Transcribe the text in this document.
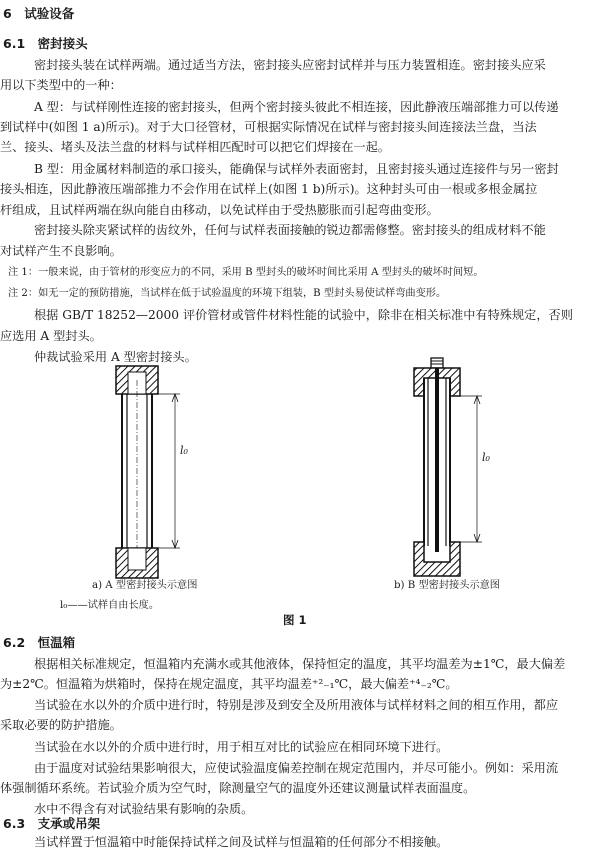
6　试验设备
6.1　密封接头
密封接头装在试样两端。通过适当方法，密封接头应密封试样并与压力装置相连。密封接头应采
用以下类型中的一种：
A 型：与试样刚性连接的密封接头，但两个密封接头彼此不相连接，因此静液压端部推力可以传递
到试样中(如图 1 a)所示)。对于大口径管材，可根据实际情况在试样与密封接头间连接法兰盘，当法
兰、接头、堵头及法兰盘的材料与试样相匹配时可以把它们焊接在一起。
B 型：用金属材料制造的承口接头，能确保与试样外表面密封，且密封接头通过连接件与另一密封
接头相连，因此静液压端部推力不会作用在试样上(如图 1 b)所示)。这种封头可由一根或多根金属拉
杆组成，且试样两端在纵向能自由移动，以免试样由于受热膨胀而引起弯曲变形。
密封接头除夹紧试样的齿纹外，任何与试样表面接触的锐边都需修整。密封接头的组成材料不能
对试样产生不良影响。
注 1：一般来说，由于管材的形变应力的不同，采用 B 型封头的破坏时间比采用 A 型封头的破坏时间短。
注 2：如无一定的预防措施，当试样在低于试验温度的环境下组装，B 型封头易使试样弯曲变形。
根据 GB/T 18252—2000 评价管材或管件材料性能的试验中，除非在相关标准中有特殊规定，否则
应选用 A 型封头。
仲裁试验采用 A 型密封接头。
l₀
l₀
a) A 型密封接头示意图	b) B 型密封接头示意图
l₀——试样自由长度。
图 1
6.2　恒温箱
根据相关标准规定，恒温箱内充满水或其他液体，保持恒定的温度，其平均温差为±1℃，最大偏差
为±2℃。恒温箱为烘箱时，保持在规定温度，其平均温差⁺²₋₁℃，最大偏差⁺⁴₋₂℃。
当试验在水以外的介质中进行时，特别是涉及到安全及所用液体与试样材料之间的相互作用，都应
采取必要的防护措施。
当试验在水以外的介质中进行时，用于相互对比的试验应在相同环境下进行。
由于温度对试验结果影响很大，应使试验温度偏差控制在规定范围内，并尽可能小。例如：采用流
体强制循环系统。若试验介质为空气时，除测量空气的温度外还建议测量试样表面温度。
水中不得含有对试验结果有影响的杂质。
6.3　支承或吊架
当试样置于恒温箱中时能保持试样之间及试样与恒温箱的任何部分不相接触。
